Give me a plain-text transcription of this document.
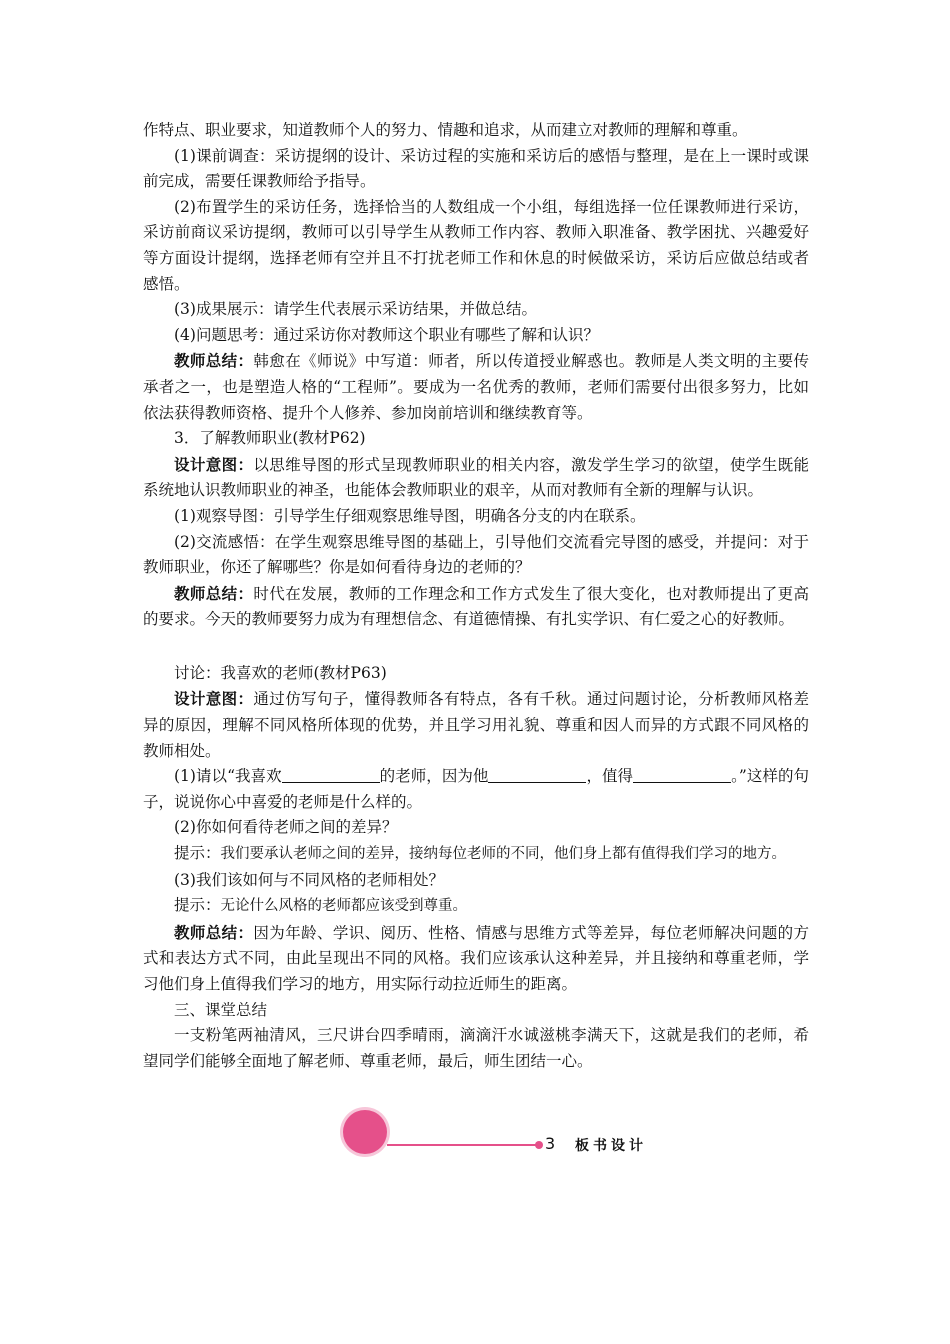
作特点、职业要求，知道教师个人的努力、情趣和追求，从而建立对教师的理解和尊重。

(1)课前调查：采访提纲的设计、采访过程的实施和采访后的感悟与整理，是在上一课时或课前完成，需要任课教师给予指导。

(2)布置学生的采访任务，选择恰当的人数组成一个小组，每组选择一位任课教师进行采访，采访前商议采访提纲，教师可以引导学生从教师工作内容、教师入职准备、教学困扰、兴趣爱好等方面设计提纲，选择老师有空并且不打扰老师工作和休息的时候做采访，采访后应做总结或者感悟。

(3)成果展示：请学生代表展示采访结果，并做总结。

(4)问题思考：通过采访你对教师这个职业有哪些了解和认识？

教师总结：韩愈在《师说》中写道：师者，所以传道授业解惑也。教师是人类文明的主要传承者之一，也是塑造人格的“工程师”。要成为一名优秀的教师，老师们需要付出很多努力，比如依法获得教师资格、提升个人修养、参加岗前培训和继续教育等。

3．了解教师职业(教材P62)

设计意图：以思维导图的形式呈现教师职业的相关内容，激发学生学习的欲望，使学生既能系统地认识教师职业的神圣，也能体会教师职业的艰辛，从而对教师有全新的理解与认识。

(1)观察导图：引导学生仔细观察思维导图，明确各分支的内在联系。

(2)交流感悟：在学生观察思维导图的基础上，引导他们交流看完导图的感受，并提问：对于教师职业，你还了解哪些？你是如何看待身边的老师的？

教师总结：时代在发展，教师的工作理念和工作方式发生了很大变化，也对教师提出了更高的要求。今天的教师要努力成为有理想信念、有道德情操、有扎实学识、有仁爱之心的好教师。

讨论：我喜欢的老师(教材P63)

设计意图：通过仿写句子，懂得教师各有特点，各有千秋。通过问题讨论，分析教师风格差异的原因，理解不同风格所体现的优势，并且学习用礼貌、尊重和因人而异的方式跟不同风格的教师相处。

(1)请以“我喜欢	的老师，因为他	，值得	。”这样的句子，说说你心中喜爱的老师是什么样的。

(2)你如何看待老师之间的差异？

提示：我们要承认老师之间的差异，接纳每位老师的不同，他们身上都有值得我们学习的地方。

(3)我们该如何与不同风格的老师相处？

提示：无论什么风格的老师都应该受到尊重。

教师总结：因为年龄、学识、阅历、性格、情感与思维方式等差异，每位老师解决问题的方式和表达方式不同，由此呈现出不同的风格。我们应该承认这种差异，并且接纳和尊重老师，学习他们身上值得我们学习的地方，用实际行动拉近师生的距离。

三、课堂总结

一支粉笔两袖清风，三尺讲台四季晴雨，滴滴汗水诚滋桃李满天下，这就是我们的老师，希望同学们能够全面地了解老师、尊重老师，最后，师生团结一心。

3 板书设计
